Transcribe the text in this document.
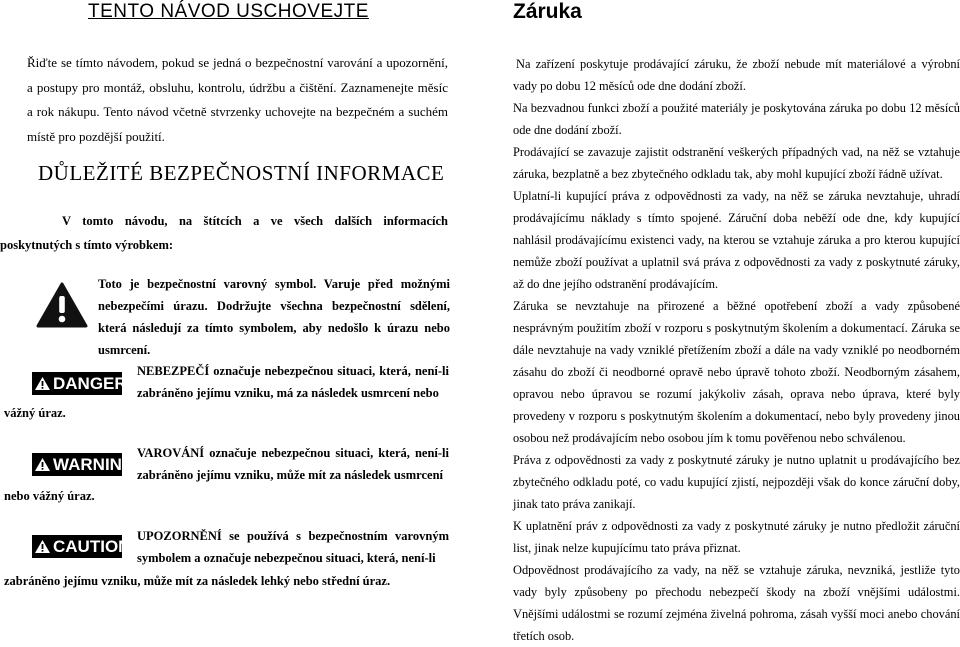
TENTO NÁVOD USCHOVEJTE
Řiďte se tímto návodem, pokud se jedná o bezpečnostní varování a upozornění, a postupy pro montáž, obsluhu, kontrolu, údržbu a čištění. Zaznamenejte měsíc a rok nákupu. Tento návod včetně stvrzenky uchovejte na bezpečném a suchém místě pro pozdější použití.
DŮLEŽITÉ BEZPEČNOSTNÍ INFORMACE
V tomto návodu, na štítcích a ve všech dalších informacích poskytnutých s tímto výrobkem:
Toto je bezpečnostní varovný symbol. Varuje před možnými nebezpečími úrazu. Dodržujte všechna bezpečnostní sdělení, která následují za tímto symbolem, aby nedošlo k úrazu nebo usmrcení.
DANGER
NEBEZPEČÍ označuje nebezpečnou situaci, která, není-li zabráněno jejímu vzniku, má za následek usmrcení nebo
vážný úraz.
WARNING
VAROVÁNÍ označuje nebezpečnou situaci, která, není-li zabráněno jejímu vzniku, může mít za následek usmrcení
nebo vážný úraz.
CAUTION
UPOZORNĚNÍ se používá s bezpečnostním varovným symbolem a označuje nebezpečnou situaci, která, není-li
zabráněno jejímu vzniku, může mít za následek lehký nebo střední úraz.
Záruka

Na zařízení poskytuje prodávající záruku, že zboží nebude mít materiálové a výrobní vady po dobu 12 měsíců ode dne dodání zboží.

Na bezvadnou funkci zboží a použité materiály je poskytována záruka po dobu 12 měsíců ode dne dodání zboží.

Prodávající se zavazuje zajistit odstranění veškerých případných vad, na něž se vztahuje záruka, bezplatně a bez zbytečného odkladu tak, aby mohl kupující zboží řádně užívat.

Uplatní-li kupující práva z odpovědnosti za vady, na něž se záruka nevztahuje, uhradí prodávajícímu náklady s tímto spojené. Záruční doba neběží ode dne, kdy kupující nahlásil prodávajícímu existenci vady, na kterou se vztahuje záruka a pro kterou kupující nemůže zboží používat a uplatnil svá práva z odpovědnosti za vady z poskytnuté záruky, až do dne jejího odstranění prodávajícím.

Záruka se nevztahuje na přirozené a běžné opotřebení zboží a vady způsobené nesprávným použitím zboží v rozporu s poskytnutým školením a dokumentací. Záruka se dále nevztahuje na vady vzniklé přetížením zboží a dále na vady vzniklé po neodborném zásahu do zboží či neodborné opravě nebo úpravě tohoto zboží. Neodborným zásahem, opravou nebo úpravou se rozumí jakýkoliv zásah, oprava nebo úprava, které byly provedeny v rozporu s poskytnutým školením a dokumentací, nebo byly provedeny jinou osobou než prodávajícím nebo osobou jím k tomu pověřenou nebo schválenou.

Práva z odpovědnosti za vady z poskytnuté záruky je nutno uplatnit u prodávajícího bez zbytečného odkladu poté, co vadu kupující zjistí, nejpozději však do konce záruční doby, jinak tato práva zanikají.

K uplatnění práv z odpovědnosti za vady z poskytnuté záruky je nutno předložit záruční list, jinak nelze kupujícímu tato práva přiznat.

Odpovědnost prodávajícího za vady, na něž se vztahuje záruka, nevzniká, jestliže tyto vady byly způsobeny po přechodu nebezpečí škody na zboží vnějšími událostmi. Vnějšími událostmi se rozumí zejména živelná pohroma, zásah vyšší moci anebo chování třetích osob.
